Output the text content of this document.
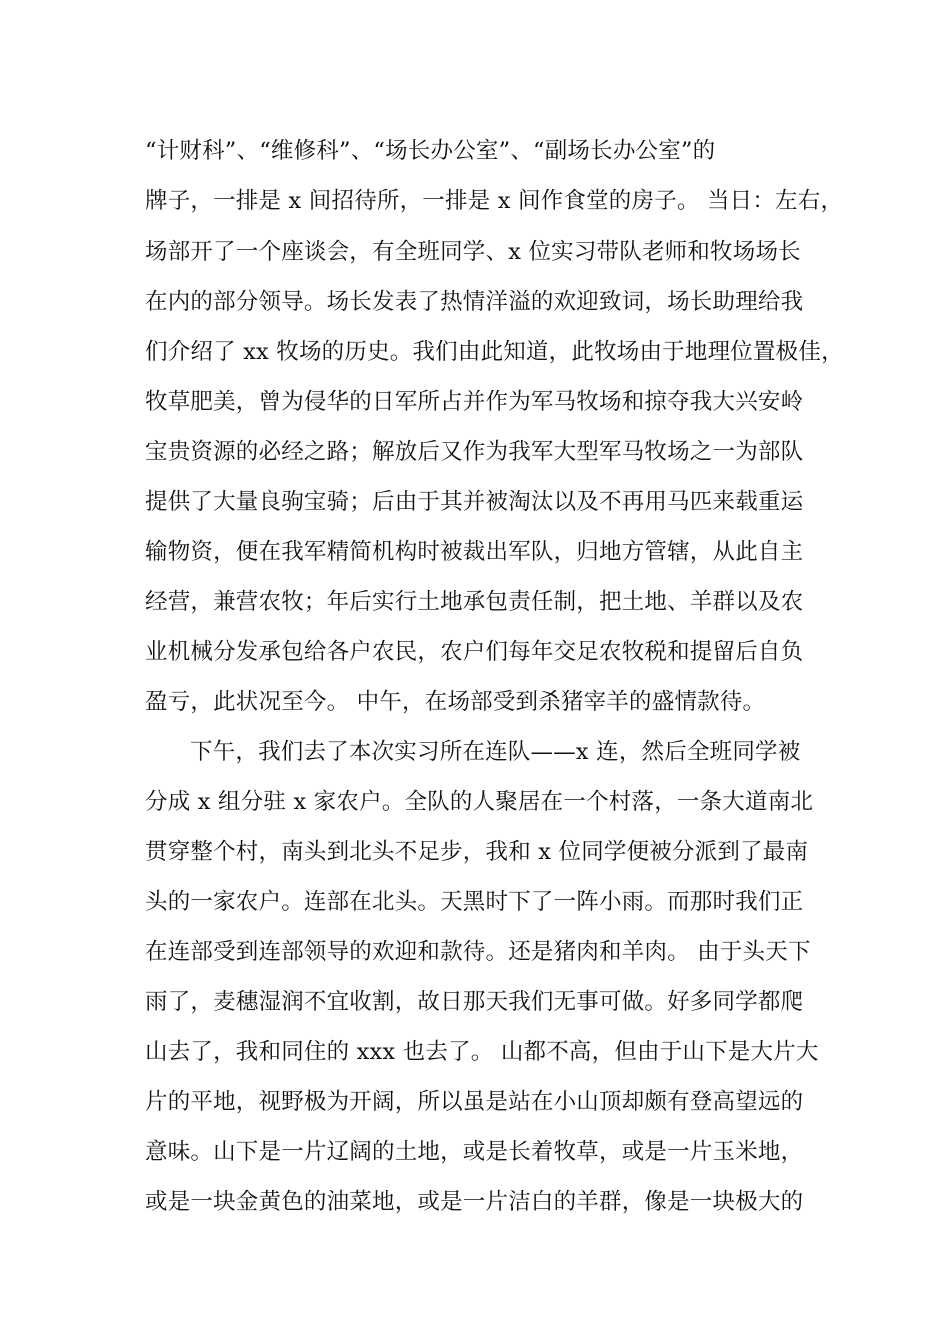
“计财科”、“维修科”、“场长办公室”、“副场长办公室”的
牌子，一排是 x 间招待所，一排是 x 间作食堂的房子。 当日：左右，
场部开了一个座谈会，有全班同学、x 位实习带队老师和牧场场长
在内的部分领导。场长发表了热情洋溢的欢迎致词，场长助理给我
们介绍了 xx 牧场的历史。我们由此知道，此牧场由于地理位置极佳，
牧草肥美，曾为侵华的日军所占并作为军马牧场和掠夺我大兴安岭
宝贵资源的必经之路；解放后又作为我军大型军马牧场之一为部队
提供了大量良驹宝骑；后由于其并被淘汰以及不再用马匹来载重运
输物资，便在我军精简机构时被裁出军队，归地方管辖，从此自主
经营，兼营农牧；年后实行土地承包责任制，把土地、羊群以及农
业机械分发承包给各户农民，农户们每年交足农牧税和提留后自负
盈亏，此状况至今。 中午，在场部受到杀猪宰羊的盛情款待。
下午，我们去了本次实习所在连队——x 连，然后全班同学被
分成 x 组分驻 x 家农户。全队的人聚居在一个村落，一条大道南北
贯穿整个村，南头到北头不足步，我和 x 位同学便被分派到了最南
头的一家农户。连部在北头。天黑时下了一阵小雨。而那时我们正
在连部受到连部领导的欢迎和款待。还是猪肉和羊肉。 由于头天下
雨了，麦穗湿润不宜收割，故日那天我们无事可做。好多同学都爬
山去了，我和同住的 xxx 也去了。 山都不高，但由于山下是大片大
片的平地，视野极为开阔，所以虽是站在小山顶却颇有登高望远的
意味。山下是一片辽阔的土地，或是长着牧草，或是一片玉米地，
或是一块金黄色的油菜地，或是一片洁白的羊群，像是一块极大的
